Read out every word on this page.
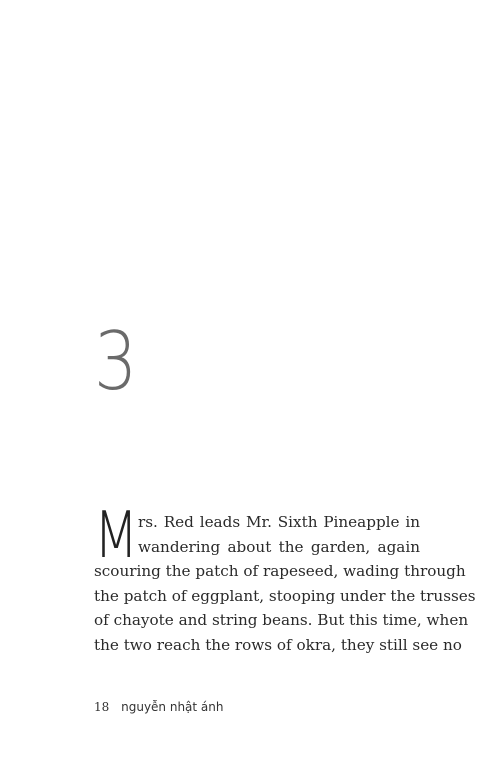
3
M rs. Red leads Mr. Sixth Pineapple in
wandering about the garden, again
scouring the patch of rapeseed, wading through
the patch of eggplant, stooping under the trusses
of chayote and string beans. But this time, when
the two reach the rows of okra, they still see no
18 nguyễn nhật ánh
